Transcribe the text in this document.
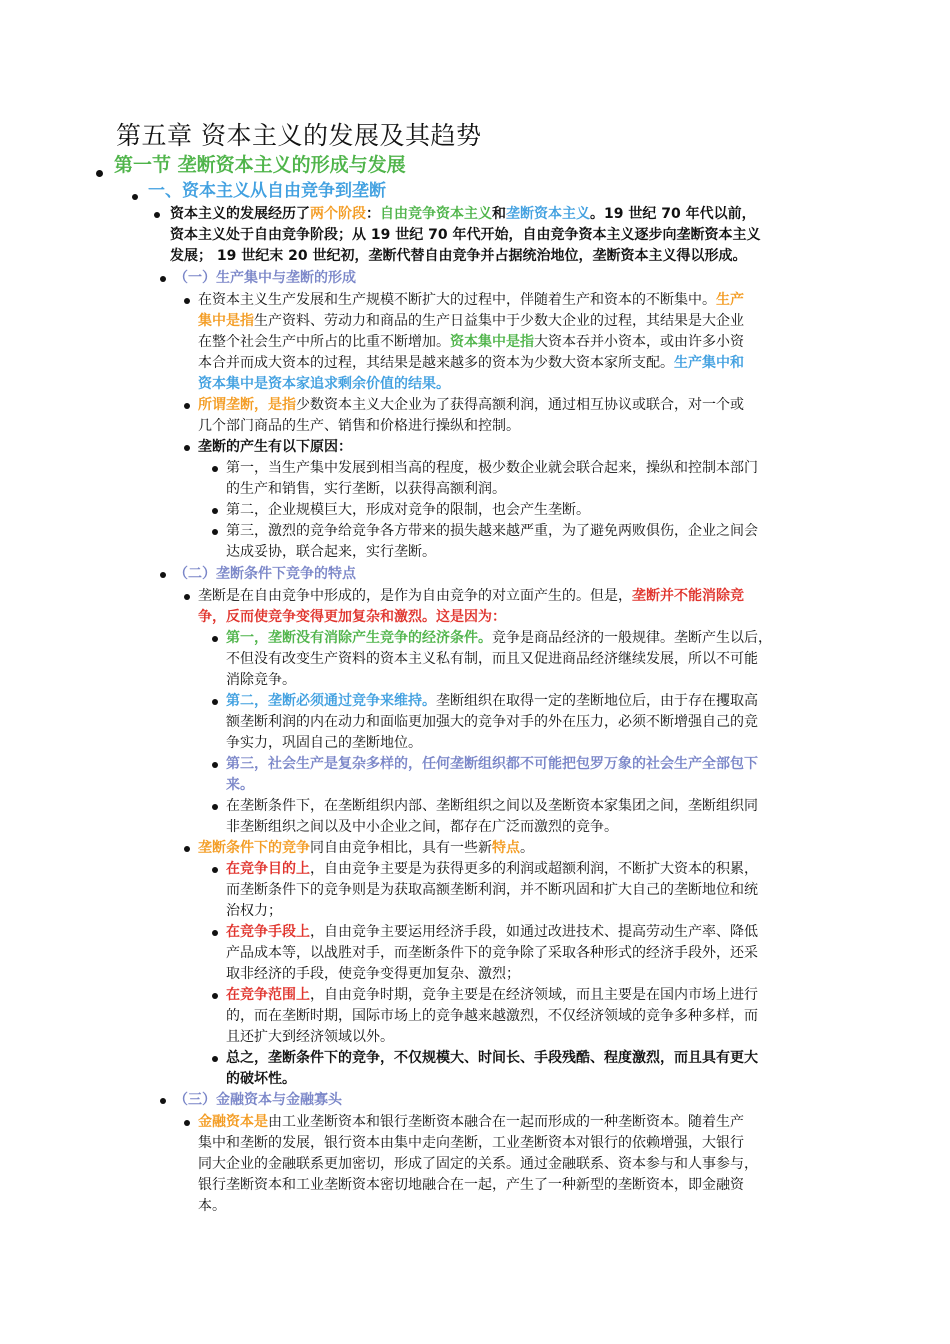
第五章 资本主义的发展及其趋势
第一节 垄断资本主义的形成与发展
一、资本主义从自由竞争到垄断
资本主义的发展经历了两个阶段：自由竞争资本主义和垄断资本主义。19 世纪 70 年代以前，
资本主义处于自由竞争阶段；从 19 世纪 70 年代开始，自由竞争资本主义逐步向垄断资本主义
发展； 19 世纪末 20 世纪初，垄断代替自由竞争并占据统治地位，垄断资本主义得以形成。
（一）生产集中与垄断的形成
在资本主义生产发展和生产规模不断扩大的过程中，伴随着生产和资本的不断集中。生产
集中是指生产资料、劳动力和商品的生产日益集中于少数大企业的过程，其结果是大企业
在整个社会生产中所占的比重不断增加。资本集中是指大资本吞并小资本，或由许多小资
本合并而成大资本的过程，其结果是越来越多的资本为少数大资本家所支配。生产集中和
资本集中是资本家追求剩余价值的结果。
所谓垄断，是指少数资本主义大企业为了获得高额利润，通过相互协议或联合，对一个或
几个部门商品的生产、销售和价格进行操纵和控制。
垄断的产生有以下原因：
第一，当生产集中发展到相当高的程度，极少数企业就会联合起来，操纵和控制本部门
的生产和销售，实行垄断，以获得高额利润。
第二，企业规模巨大，形成对竞争的限制，也会产生垄断。
第三，激烈的竞争给竞争各方带来的损失越来越严重，为了避免两败俱伤，企业之间会
达成妥协，联合起来，实行垄断。
（二）垄断条件下竞争的特点
垄断是在自由竞争中形成的，是作为自由竞争的对立面产生的。但是，垄断并不能消除竞
争，反而使竞争变得更加复杂和激烈。这是因为：
第一，垄断没有消除产生竞争的经济条件。竞争是商品经济的一般规律。垄断产生以后，
不但没有改变生产资料的资本主义私有制，而且又促进商品经济继续发展，所以不可能
消除竞争。
第二，垄断必须通过竞争来维持。垄断组织在取得一定的垄断地位后，由于存在攫取高
额垄断利润的内在动力和面临更加强大的竞争对手的外在压力，必须不断增强自己的竞
争实力，巩固自己的垄断地位。
第三，社会生产是复杂多样的，任何垄断组织都不可能把包罗万象的社会生产全部包下
来。
在垄断条件下，在垄断组织内部、垄断组织之间以及垄断资本家集团之间，垄断组织同
非垄断组织之间以及中小企业之间，都存在广泛而激烈的竞争。
垄断条件下的竞争同自由竞争相比，具有一些新特点。
在竞争目的上，自由竞争主要是为获得更多的利润或超额利润，不断扩大资本的积累，
而垄断条件下的竞争则是为获取高额垄断利润，并不断巩固和扩大自己的垄断地位和统
治权力；
在竞争手段上，自由竞争主要运用经济手段，如通过改进技术、提高劳动生产率、降低
产品成本等，以战胜对手，而垄断条件下的竞争除了采取各种形式的经济手段外，还采
取非经济的手段，使竞争变得更加复杂、激烈；
在竞争范围上，自由竞争时期，竞争主要是在经济领域，而且主要是在国内市场上进行
的，而在垄断时期，国际市场上的竞争越来越激烈，不仅经济领域的竞争多种多样，而
且还扩大到经济领域以外。
总之，垄断条件下的竞争，不仅规模大、时间长、手段残酷、程度激烈，而且具有更大
的破坏性。
（三）金融资本与金融寡头
金融资本是由工业垄断资本和银行垄断资本融合在一起而形成的一种垄断资本。随着生产
集中和垄断的发展，银行资本由集中走向垄断，工业垄断资本对银行的依赖增强，大银行
同大企业的金融联系更加密切，形成了固定的关系。通过金融联系、资本参与和人事参与，
银行垄断资本和工业垄断资本密切地融合在一起，产生了一种新型的垄断资本，即金融资
本。
